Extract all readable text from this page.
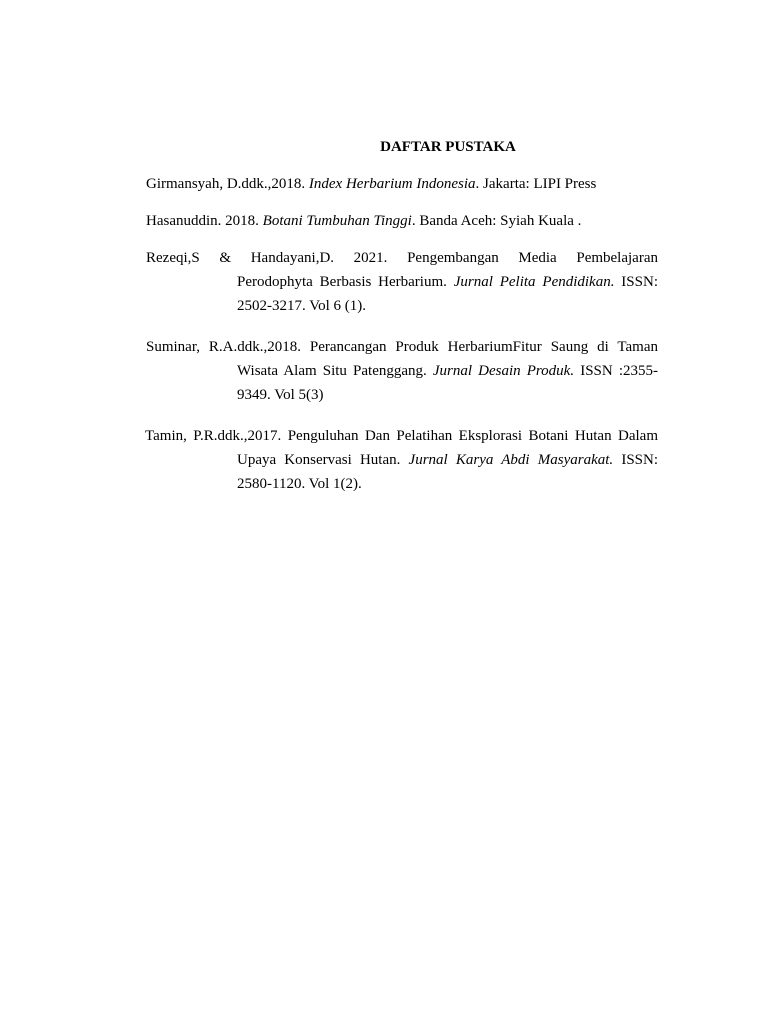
DAFTAR PUSTAKA
Girmansyah, D.ddk.,2018. Index Herbarium Indonesia. Jakarta: LIPI Press
Hasanuddin. 2018. Botani Tumbuhan Tinggi. Banda Aceh: Syiah Kuala .
Rezeqi,S & Handayani,D. 2021. Pengembangan Media Pembelajaran
Perodophyta Berbasis Herbarium. Jurnal Pelita Pendidikan. ISSN:
2502-3217. Vol 6 (1).
Suminar, R.A.ddk.,2018. Perancangan Produk HerbariumFitur Saung di Taman
Wisata Alam Situ Patenggang. Jurnal Desain Produk. ISSN :2355-
9349. Vol 5(3)
Tamin, P.R.ddk.,2017. Penguluhan Dan Pelatihan Eksplorasi Botani Hutan Dalam
Upaya Konservasi Hutan. Jurnal Karya Abdi Masyarakat. ISSN:
2580-1120. Vol 1(2).
